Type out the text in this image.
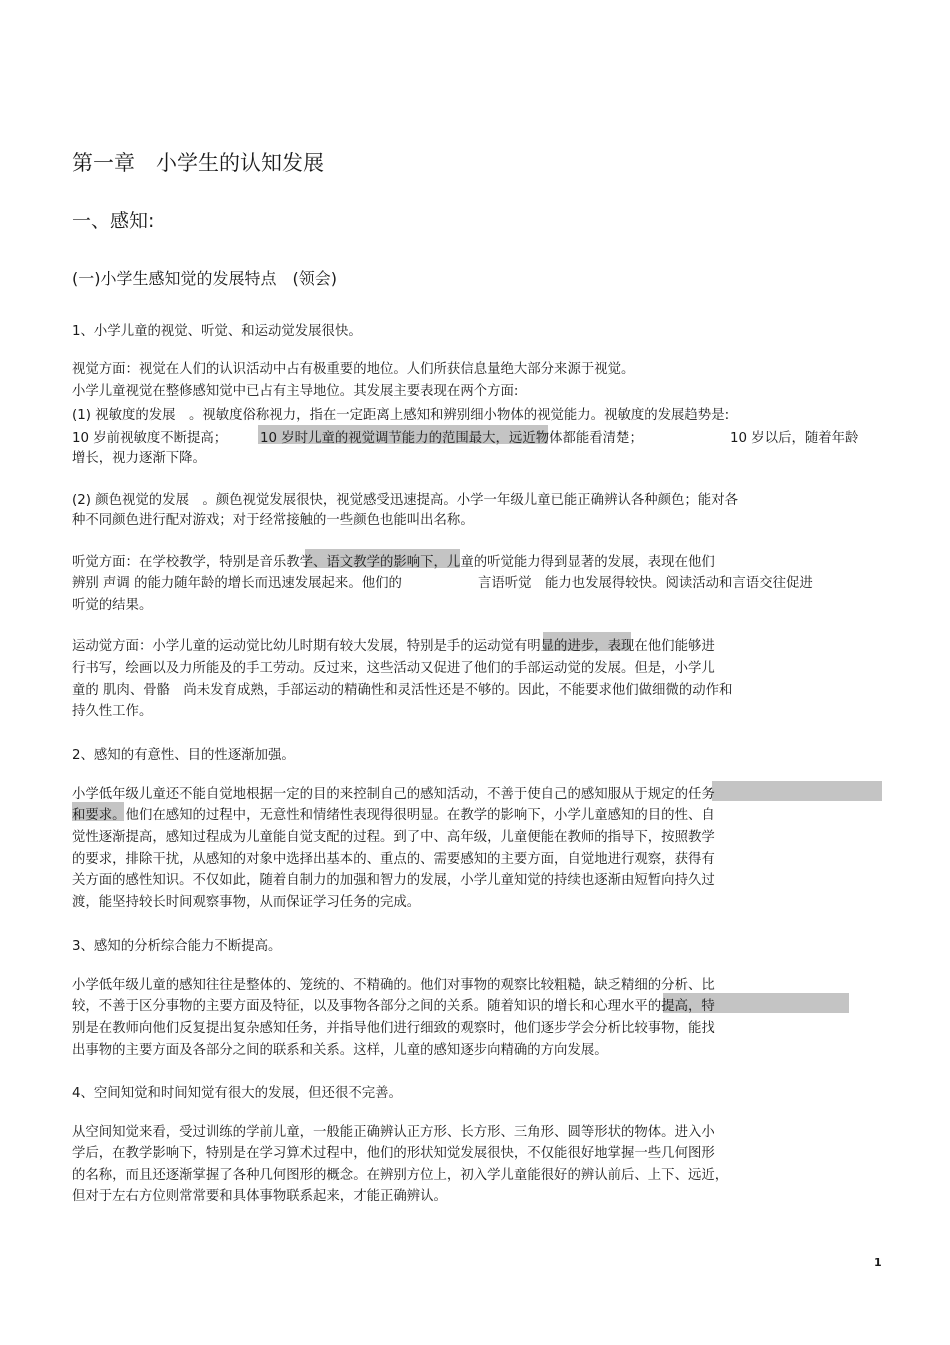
第一章　小学生的认知发展
一、感知:
(一)小学生感知觉的发展特点　(领会)
1、小学儿童的视觉、听觉、和运动觉发展很快。
视觉方面：视觉在人们的认识活动中占有极重要的地位。人们所获信息量绝大部分来源于视觉。
小学儿童视觉在整修感知觉中已占有主导地位。其发展主要表现在两个方面:
(1) 视敏度的发展　。视敏度俗称视力，指在一定距离上感知和辨别细小物体的视觉能力。视敏度的发展趋势是:
10 岁前视敏度不断提高； 10 岁时儿童的视觉调节能力的范围最大，远近物体都能看清楚；	10 岁以后，随着年龄
增长，视力逐渐下降。
(2) 颜色视觉的发展　。颜色视觉发展很快，视觉感受迅速提高。小学一年级儿童已能正确辨认各种颜色；能对各
种不同颜色进行配对游戏；对于经常接触的一些颜色也能叫出名称。
听觉方面：在学校教学，特别是音乐教学、语文教学的影响下，儿童的听觉能力得到显著的发展，表现在他们
辨别 声调 的能力随年龄的增长而迅速发展起来。他们的	言语听觉　能力也发展得较快。阅读活动和言语交往促进
听觉的结果。
运动觉方面：小学儿童的运动觉比幼儿时期有较大发展，特别是手的运动觉有明显的进步，表现在他们能够进
行书写，绘画以及力所能及的手工劳动。反过来，这些活动又促进了他们的手部运动觉的发展。但是，小学儿
童的 肌肉、骨骼　尚未发育成熟，手部运动的精确性和灵活性还是不够的。因此，不能要求他们做细微的动作和
持久性工作。
2、感知的有意性、目的性逐渐加强。
小学低年级儿童还不能自觉地根据一定的目的来控制自己的感知活动，不善于使自己的感知服从于规定的任务
和要求。他们在感知的过程中，无意性和情绪性表现得很明显。在教学的影响下，小学儿童感知的目的性、自
觉性逐渐提高，感知过程成为儿童能自觉支配的过程。到了中、高年级，儿童便能在教师的指导下，按照教学
的要求，排除干扰，从感知的对象中选择出基本的、重点的、需要感知的主要方面，自觉地进行观察，获得有
关方面的感性知识。不仅如此，随着自制力的加强和智力的发展，小学儿童知觉的持续也逐渐由短暂向持久过
渡，能坚持较长时间观察事物，从而保证学习任务的完成。
3、感知的分析综合能力不断提高。
小学低年级儿童的感知往往是整体的、笼统的、不精确的。他们对事物的观察比较粗糙，缺乏精细的分析、比
较，不善于区分事物的主要方面及特征，以及事物各部分之间的关系。随着知识的增长和心理水平的提高，特
别是在教师向他们反复提出复杂感知任务，并指导他们进行细致的观察时，他们逐步学会分析比较事物，能找
出事物的主要方面及各部分之间的联系和关系。这样，儿童的感知逐步向精确的方向发展。
4、空间知觉和时间知觉有很大的发展，但还很不完善。
从空间知觉来看，受过训练的学前儿童，一般能正确辨认正方形、长方形、三角形、圆等形状的物体。进入小
学后，在教学影响下，特别是在学习算术过程中，他们的形状知觉发展很快，不仅能很好地掌握一些几何图形
的名称，而且还逐渐掌握了各种几何图形的概念。在辨别方位上，初入学儿童能很好的辨认前后、上下、远近，
但对于左右方位则常常要和具体事物联系起来，才能正确辨认。
1
